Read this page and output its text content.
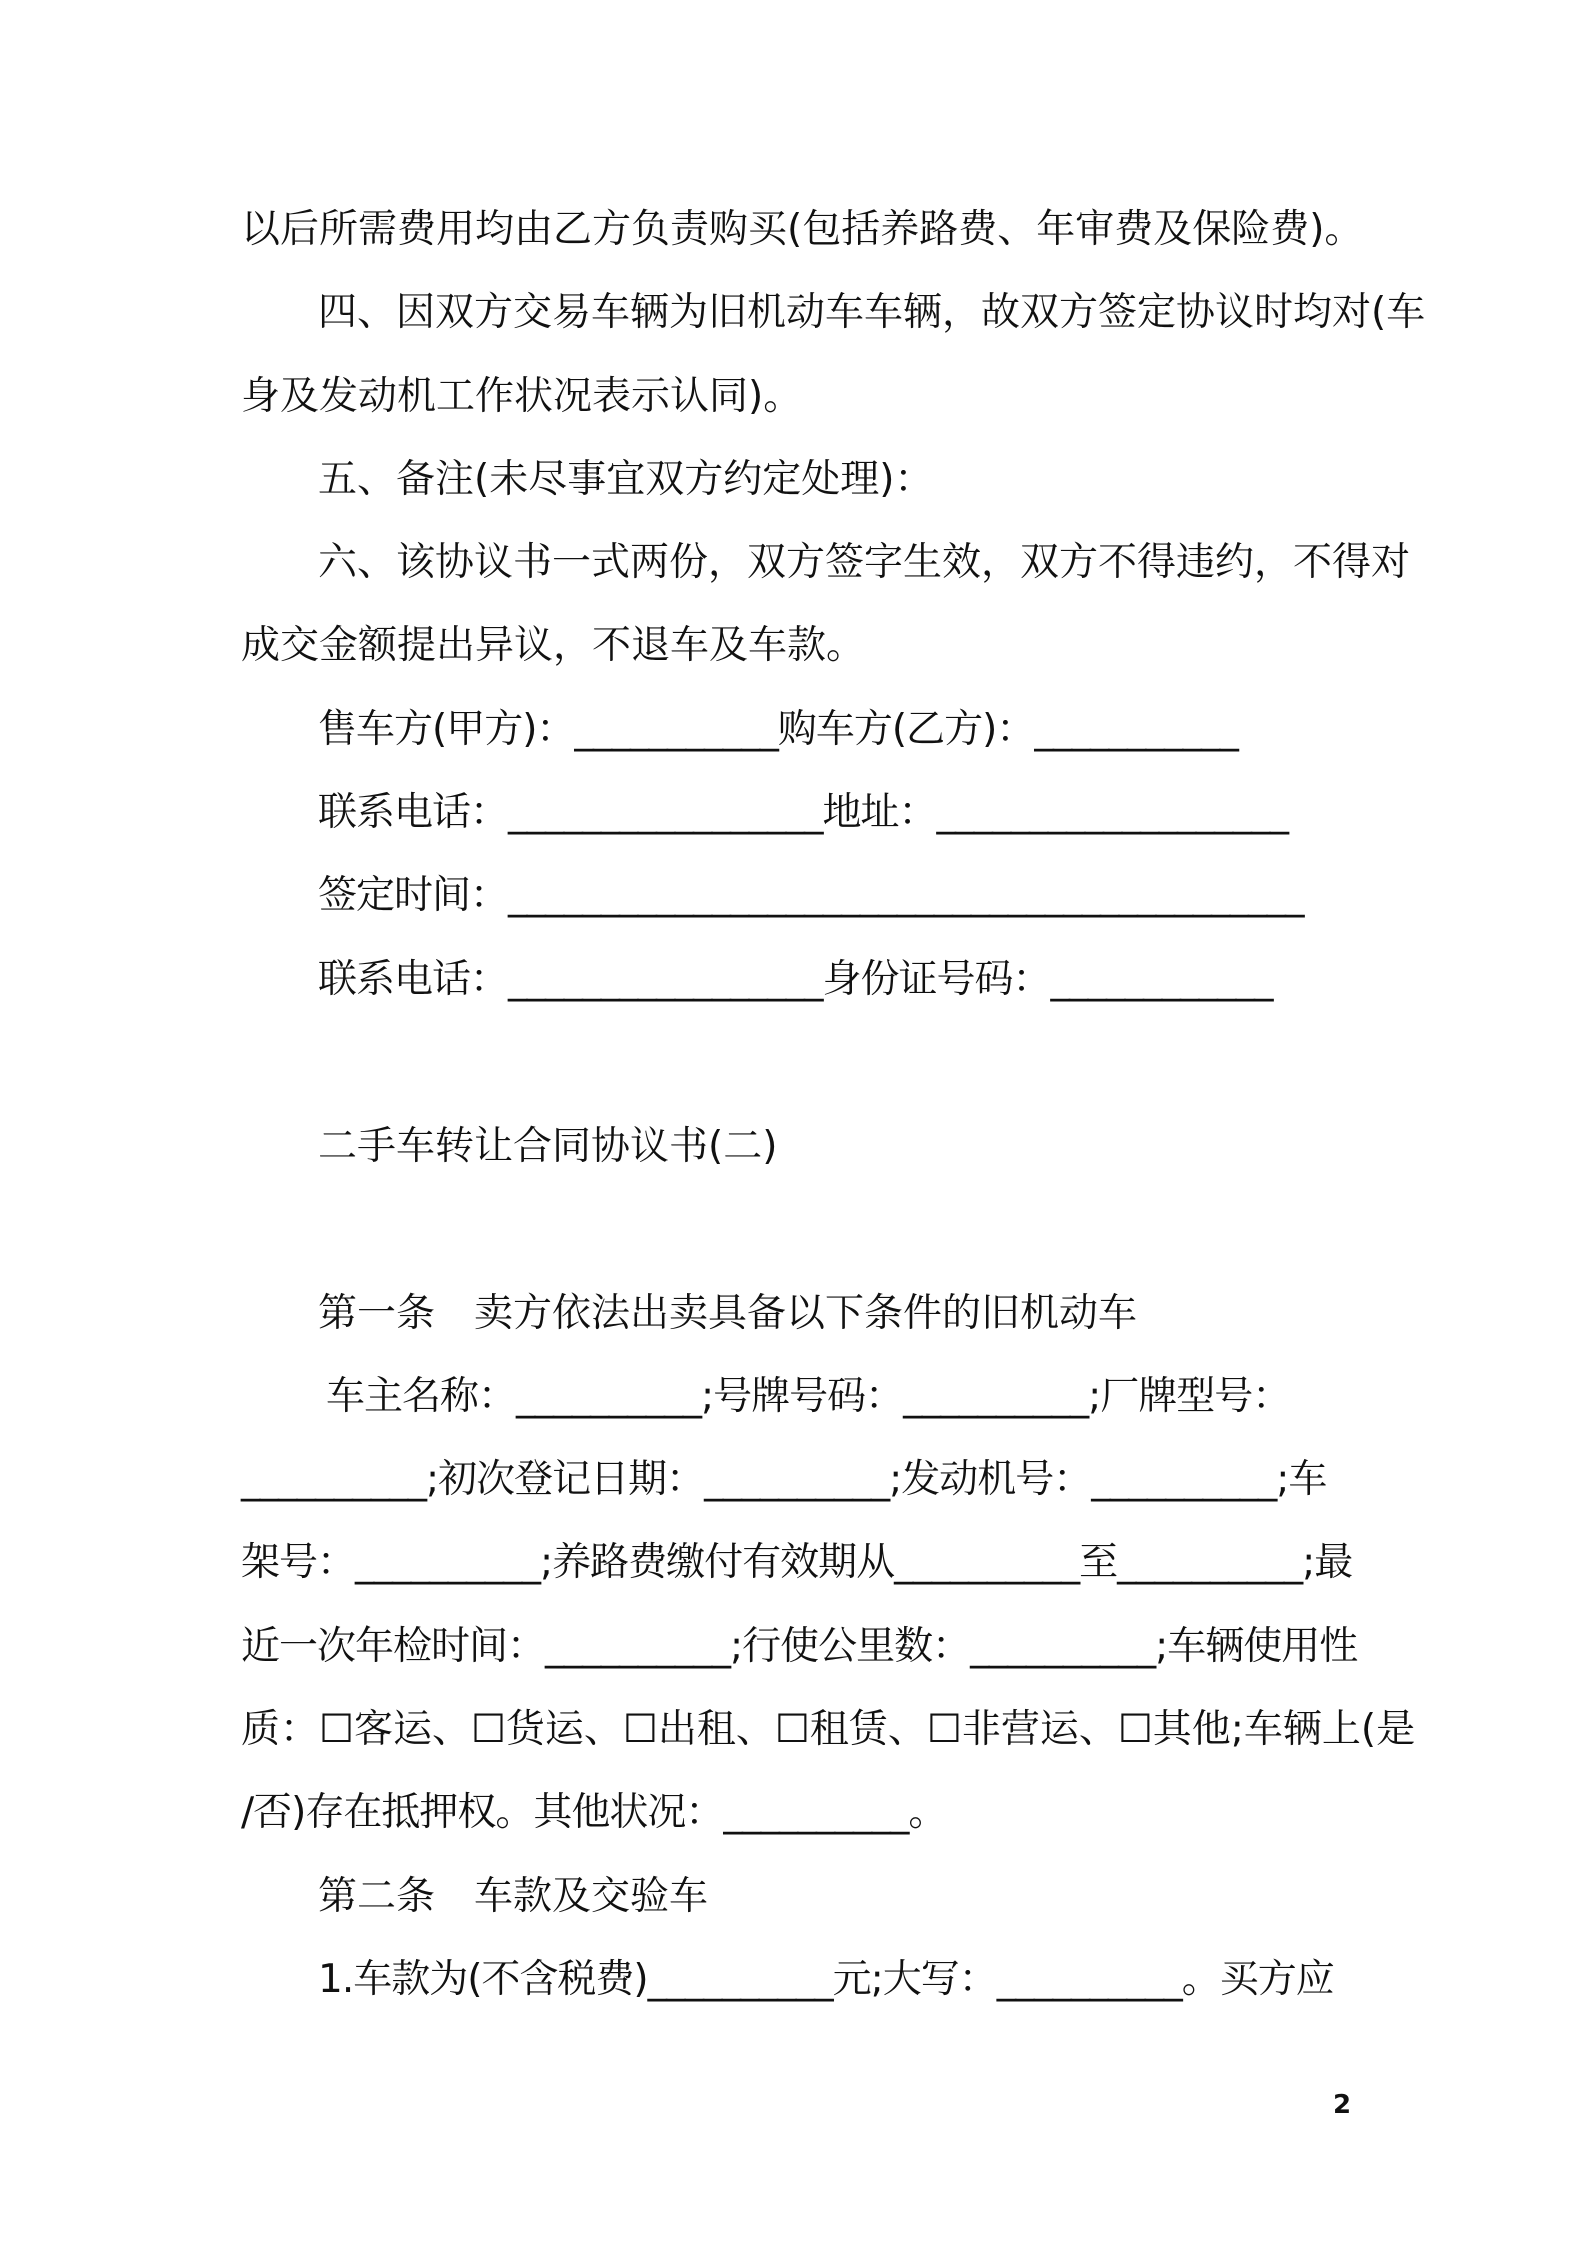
以后所需费用均由乙方负责购买(包括养路费、年审费及保险费)。
四、因双方交易车辆为旧机动车车辆，故双方签定协议时均对(车
身及发动机工作状况表示认同)。
五、备注(未尽事宜双方约定处理)：
六、该协议书一式两份，双方签字生效，双方不得违约，不得对
成交金额提出异议，不退车及车款。
售车方(甲方)：___________购车方(乙方)：___________
联系电话：_________________地址：___________________
签定时间：___________________________________________
联系电话：_________________身份证号码：____________
二手车转让合同协议书(二)
第一条　卖方依法出卖具备以下条件的旧机动车
车主名称：__________;号牌号码：__________;厂牌型号：
__________;初次登记日期：__________;发动机号：__________;车
架号：__________;养路费缴付有效期从__________至__________;最
近一次年检时间：__________;行使公里数：__________;车辆使用性
质：☐客运、☐货运、☐出租、☐租赁、☐非营运、☐其他;车辆上(是
/否)存在抵押权。其他状况：__________。
第二条　车款及交验车
1.车款为(不含税费)__________元;大写：__________。买方应
2
